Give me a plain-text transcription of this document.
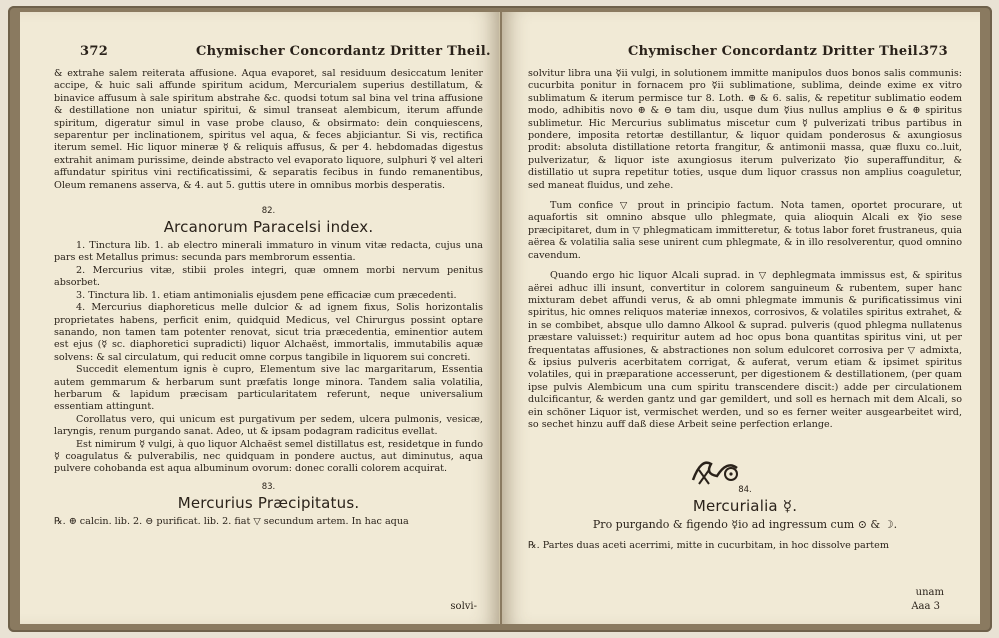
372	Chymischer Concordantz Dritter Theil.

& extrahe salem reiterata affusione. Aqua evaporet, sal residuum desiccatum leniter accipe, & huic sali affunde spiritum acidum, Mercurialem superius destillatum, & binavice affusum à sale spiritum abstrahe &c. quodsi totum sal bina vel trina affusione & destillatione non uniatur spiritui, & simul transeat alembicum, iterum affunde spiritum, digeratur simul in vase probe clauso, & obsirmato: dein conquiescens, separentur per inclinationem, spiritus vel aqua, & feces abjiciantur. Si vis, rectifica iterum semel. Hic liquor mineræ ☿ & reliquis affusus, & per 4. hebdomadas digestus extrahit animam purissime, deinde abstracto vel evaporato liquore, sulphuri ☿ vel alteri affundatur spiritus vini rectificatissimi, & separatis fecibus in fundo remanentibus, Oleum remanens asserva, & 4. aut 5. guttis utere in omnibus morbis desperatis.

82.

Arcanorum Paracelsi index.

1. Tinctura lib. 1. ab electro minerali immaturo in vinum vitæ redacta, cujus una pars est Metallus primus: secunda pars membrorum essentia.

2. Mercurius vitæ, stibii proles integri, quæ omnem morbi nervum penitus absorbet.

3. Tinctura lib. 1. etiam antimonialis ejusdem pene efficaciæ cum præcedenti.

4. Mercurius diaphoreticus melle dulcior & ad ignem fixus, Solis horizontalis proprietates habens, perficit enim, quidquid Medicus, vel Chirurgus possint optare sanando, non tamen tam potenter renovat, sicut tria præcedentia, eminentior autem est ejus (☿ sc. diaphoretici supradicti) liquor Alchaëst, immortalis, immutabilis aquæ solvens: & sal circulatum, qui reducit omne corpus tangibile in liquorem sui concreti.

Succedit elementum ignis è cupro, Elementum sive lac margaritarum, Essentia autem gemmarum & herbarum sunt præfatis longe minora. Tandem salia volatilia, herbarum & lapidum præcisam particularitatem referunt, neque universalium essentiam attingunt.

Corollatus vero, qui unicum est purgativum per sedem, ulcera pulmonis, vesicæ, laryngis, renum purgando sanat. Adeo, ut & ipsam podagram radicitus evellat.

Est nimirum ☿ vulgi, à quo liquor Alchaëst semel distillatus est, residetque in fundo ☿ coagulatus & pulverabilis, nec quidquam in pondere auctus, aut diminutus, aqua pulvere cohobanda est aqua albuminum ovorum: donec coralli colorem acquirat.

83.

Mercurius Præcipitatus.

℞. ⊕ calcin. lib. 2. ⊖ purificat. lib. 2. fiat ▽ secundum artem. In hac aqua

solvi-
Chymischer Concordantz Dritter Theil.
373

solvitur libra una ☿ii vulgi, in solutionem immitte manipulos duos bonos salis communis: cucurbita ponitur in fornacem pro ☿ii sublimatione, sublima, deinde exime ex vitro sublimatum & iterum permisce tur 8. Loth. ⊕ & 6. salis, & repetitur sublimatio eodem modo, adhibitis novo ⊕ & ⊖ tam diu, usque dum ☿ius nullus amplius ⊖ & ⊕ spiritus sublimetur. Hic Mercurius sublimatus miscetur cum ☿ pulverizati tribus partibus in pondere, imposita retortæ destillantur, & liquor quidam ponderosus & axungiosus prodit: absoluta distillatione retorta frangitur, & antimonii massa, quæ fluxu co..luit, pulverizatur, & liquor iste axungiosus iterum pulverizato ☿io superaffunditur, & distillatio ut supra repetitur toties, usque dum liquor crassus non amplius coaguletur, sed maneat fluidus, und zehe.

Tum confice ▽ prout in principio factum. Nota tamen, oportet procurare, ut aquafortis sit omnino absque ullo phlegmate, quia alioquin Alcali ex ☿io sese præcipitaret, dum in ▽ phlegmaticam immitteretur, & totus labor foret frustraneus, quia aërea & volatilia salia sese unirent cum phlegmate, & in illo resolverentur, quod omnino cavendum.

Quando ergo hic liquor Alcali suprad. in ▽ dephlegmata immissus est, & spiritus aërei adhuc illi insunt, convertitur in colorem sanguineum & rubentem, super hanc mixturam debet affundi verus, & ab omni phlegmate immunis & purificatissimus vini spiritus, hic omnes reliquos materiæ innexos, corrosivos, & volatiles spiritus extrahet, & in se combibet, absque ullo damno Alkool & suprad. pulveris (quod phlegma nullatenus præstare valuisset:) requiritur autem ad hoc opus bona quantitas spiritus vini, ut per frequentatas affusiones, & abstractiones non solum edulcoret corrosiva per ▽ admixta, & ipsius pulveris acerbitatem corrigat, & auferat, verum etiam & ipsimet spiritus volatiles, qui in præparatione accesserunt, per digestionem & destillationem, (per quam ipse pulvis Alembicum una cum spiritu transcendere discit:) adde per circulationem dulcificantur, & werden gantz und gar gemildert, und soll es hernach mit dem Alcali, so ein schöner Liquor ist, vermischet werden, und so es ferner weiter ausgearbeitet wird, so sechet hinzu auff daß diese Arbeit seine perfection erlange.

84.

Mercurialia ☿.

Pro purgando & figendo ☿io ad ingressum cum ⊙ & ☽.

℞. Partes duas aceti acerrimi, mitte in cucurbitam, in hoc dissolve partem

Aaa 3
unam
